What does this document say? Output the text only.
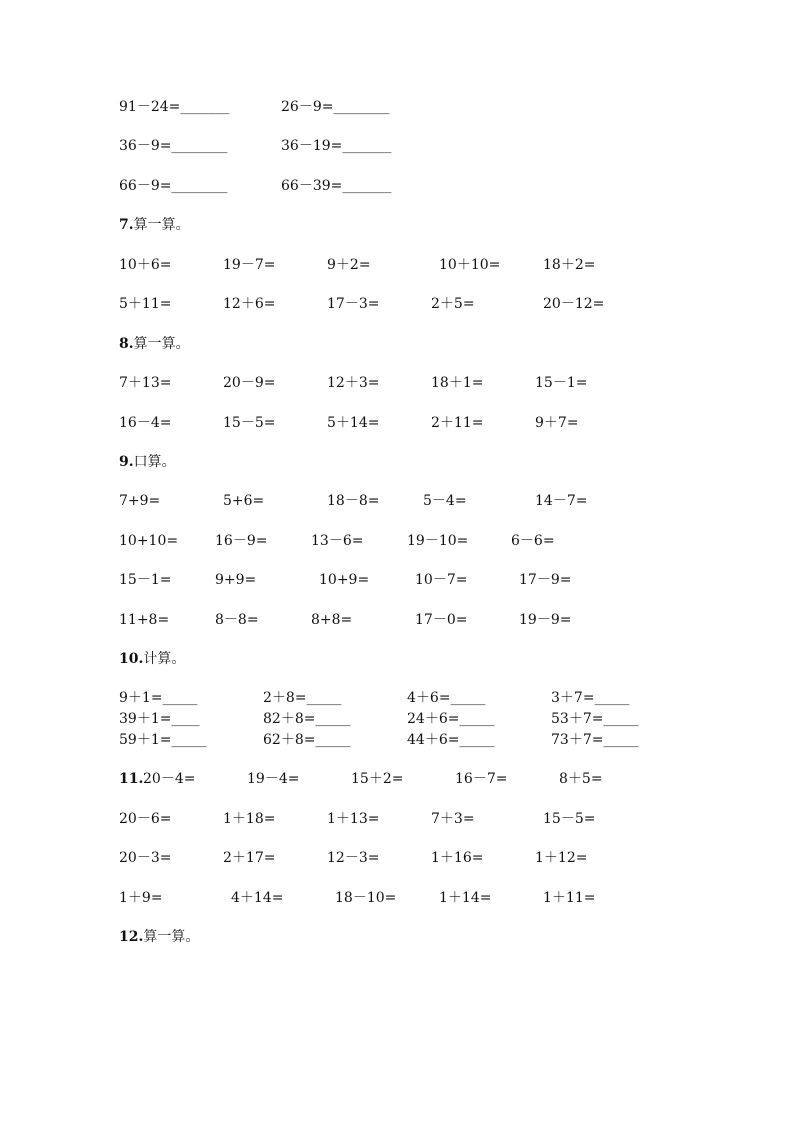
91－24=_______	26－9=________
36－9=________	36－19=_______
66－9=________	66－39=_______
7.算一算。
10＋6=	19－7=	9＋2=	10＋10=	18＋2=
5＋11=	12＋6=	17－3=	2＋5=	20－12=
8.算一算。
7＋13=	20－9=	12＋3=	18＋1=	15－1=
16－4=	15－5=	5＋14=	2＋11=	9＋7=
9.口算。
7+9=	5+6=	18－8=	5－4=	14－7=
10+10=	16－9=	13－6=	19－10=	6－6=
15－1=	9+9=	10+9=	10－7=	17－9=
11+8=	8－8=	8+8=	17－0=	19－9=
10.计算。
9＋1=_____	2＋8=_____	4＋6=_____	3＋7=_____
39＋1=____	82＋8=_____	24＋6=_____	53＋7=_____
59＋1=_____	62＋8=_____	44＋6=_____	73＋7=_____
11. 20－4=	19－4=	15＋2=	16－7=	8＋5=
20－6=	1＋18=	1＋13=	7＋3=	15－5=
20－3=	2＋17=	12－3=	1＋16=	1＋12=
1＋9=	4＋14=	18－10=	1＋14=	1＋11=
12.算一算。
